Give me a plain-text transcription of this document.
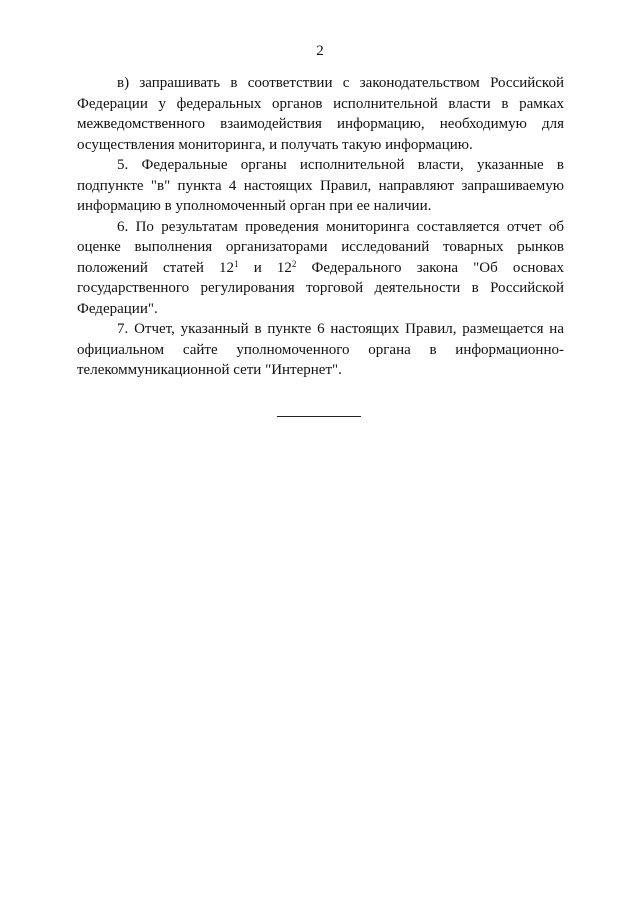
2

в) запрашивать в соответствии с законодательством Российской Федерации у федеральных органов исполнительной власти в рамках межведомственного взаимодействия информацию, необходимую для осуществления мониторинга, и получать такую информацию.

5. Федеральные органы исполнительной власти, указанные в подпункте "в" пункта 4 настоящих Правил, направляют запрашиваемую информацию в уполномоченный орган при ее наличии.

6. По результатам проведения мониторинга составляется отчет об оценке выполнения организаторами исследований товарных рынков положений статей $12^1$ и $12^2$ Федерального закона "Об основах государственного регулирования торговой деятельности в Российской Федерации".

7. Отчет, указанный в пункте 6 настоящих Правил, размещается на официальном сайте уполномоченного органа в информационно-телекоммуникационной сети "Интернет".
